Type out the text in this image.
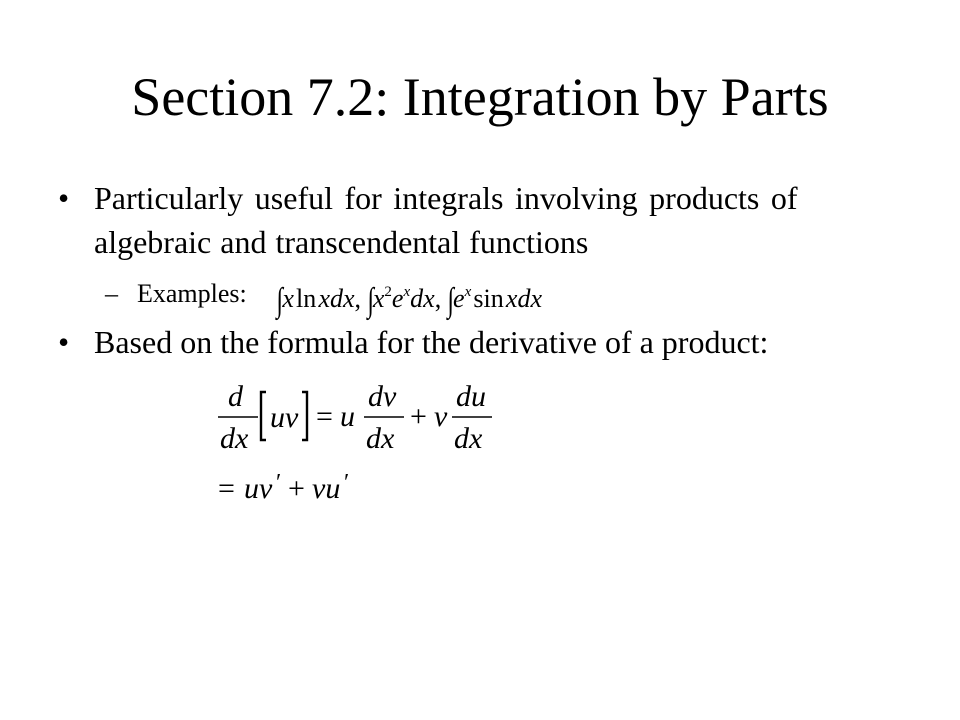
Section 7.2: Integration by Parts
• Particularly useful for integrals involving products of
algebraic and transcendental functions
– Examples: ∫x ln xdx, $\int x^2e^xdx$, $\int e^x$ sin xdx
• Based on the formula for the derivative of a product:
d
dx
uv = u
dv
dx
+ v
du
dx
= uv ′ + vu ′
